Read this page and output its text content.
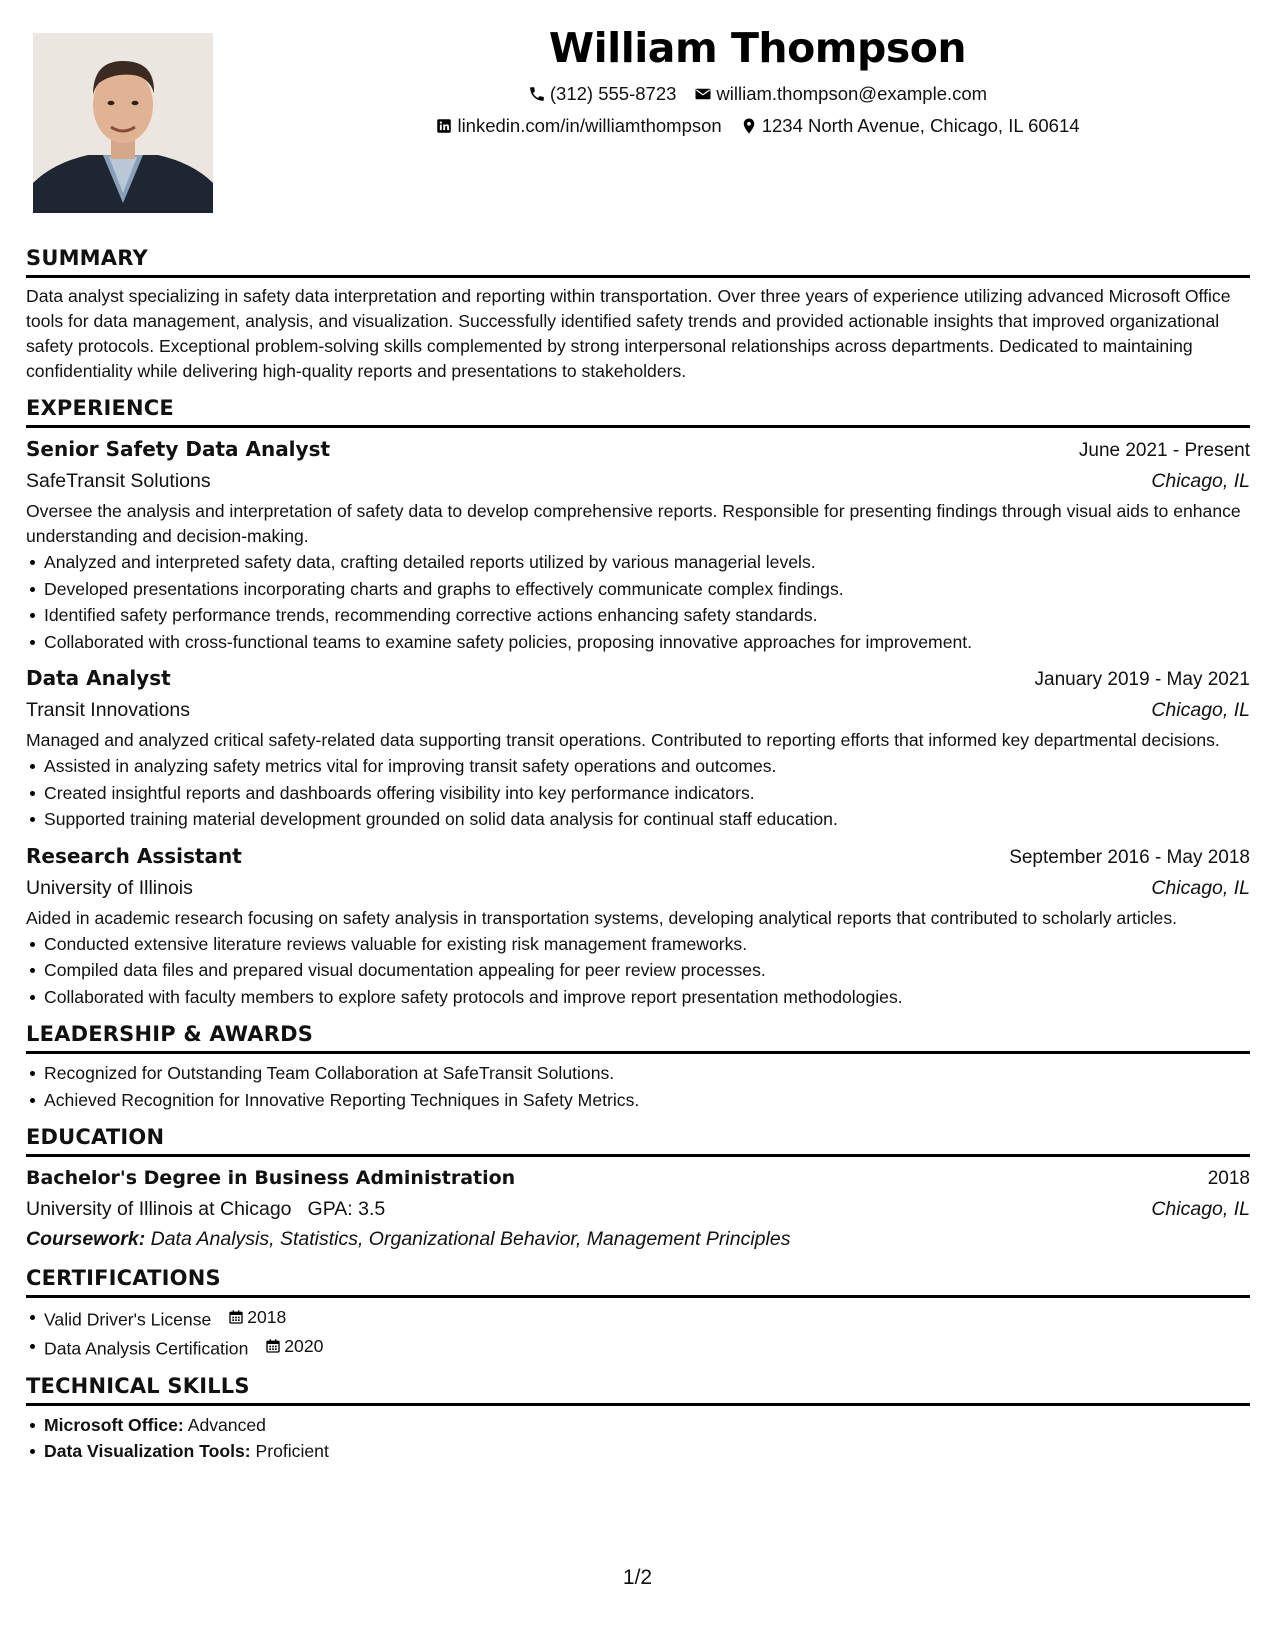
William Thompson
(312) 555-8723 william.thompson@example.com
linkedin.com/in/williamthompson 1234 North Avenue, Chicago, IL 60614
SUMMARY
Data analyst specializing in safety data interpretation and reporting within transportation. Over three years of experience utilizing advanced Microsoft Office tools for data management, analysis, and visualization. Successfully identified safety trends and provided actionable insights that improved organizational safety protocols. Exceptional problem-solving skills complemented by strong interpersonal relationships across departments. Dedicated to maintaining confidentiality while delivering high-quality reports and presentations to stakeholders.
EXPERIENCE
Senior Safety Data Analyst	June 2021 - Present
SafeTransit Solutions	Chicago, IL
Oversee the analysis and interpretation of safety data to develop comprehensive reports. Responsible for presenting findings through visual aids to enhance understanding and decision-making.
Analyzed and interpreted safety data, crafting detailed reports utilized by various managerial levels.
Developed presentations incorporating charts and graphs to effectively communicate complex findings.
Identified safety performance trends, recommending corrective actions enhancing safety standards.
Collaborated with cross-functional teams to examine safety policies, proposing innovative approaches for improvement.
Data Analyst	January 2019 - May 2021
Transit Innovations	Chicago, IL
Managed and analyzed critical safety-related data supporting transit operations. Contributed to reporting efforts that informed key departmental decisions.
Assisted in analyzing safety metrics vital for improving transit safety operations and outcomes.
Created insightful reports and dashboards offering visibility into key performance indicators.
Supported training material development grounded on solid data analysis for continual staff education.
Research Assistant	September 2016 - May 2018
University of Illinois	Chicago, IL
Aided in academic research focusing on safety analysis in transportation systems, developing analytical reports that contributed to scholarly articles.
Conducted extensive literature reviews valuable for existing risk management frameworks.
Compiled data files and prepared visual documentation appealing for peer review processes.
Collaborated with faculty members to explore safety protocols and improve report presentation methodologies.
LEADERSHIP & AWARDS
Recognized for Outstanding Team Collaboration at SafeTransit Solutions.
Achieved Recognition for Innovative Reporting Techniques in Safety Metrics.
EDUCATION
Bachelor's Degree in Business Administration	2018
University of Illinois at Chicago GPA: 3.5	Chicago, IL
Coursework: Data Analysis, Statistics, Organizational Behavior, Management Principles
CERTIFICATIONS
Valid Driver's License 2018
Data Analysis Certification 2020
TECHNICAL SKILLS
Microsoft Office: Advanced
Data Visualization Tools: Proficient
1/2
